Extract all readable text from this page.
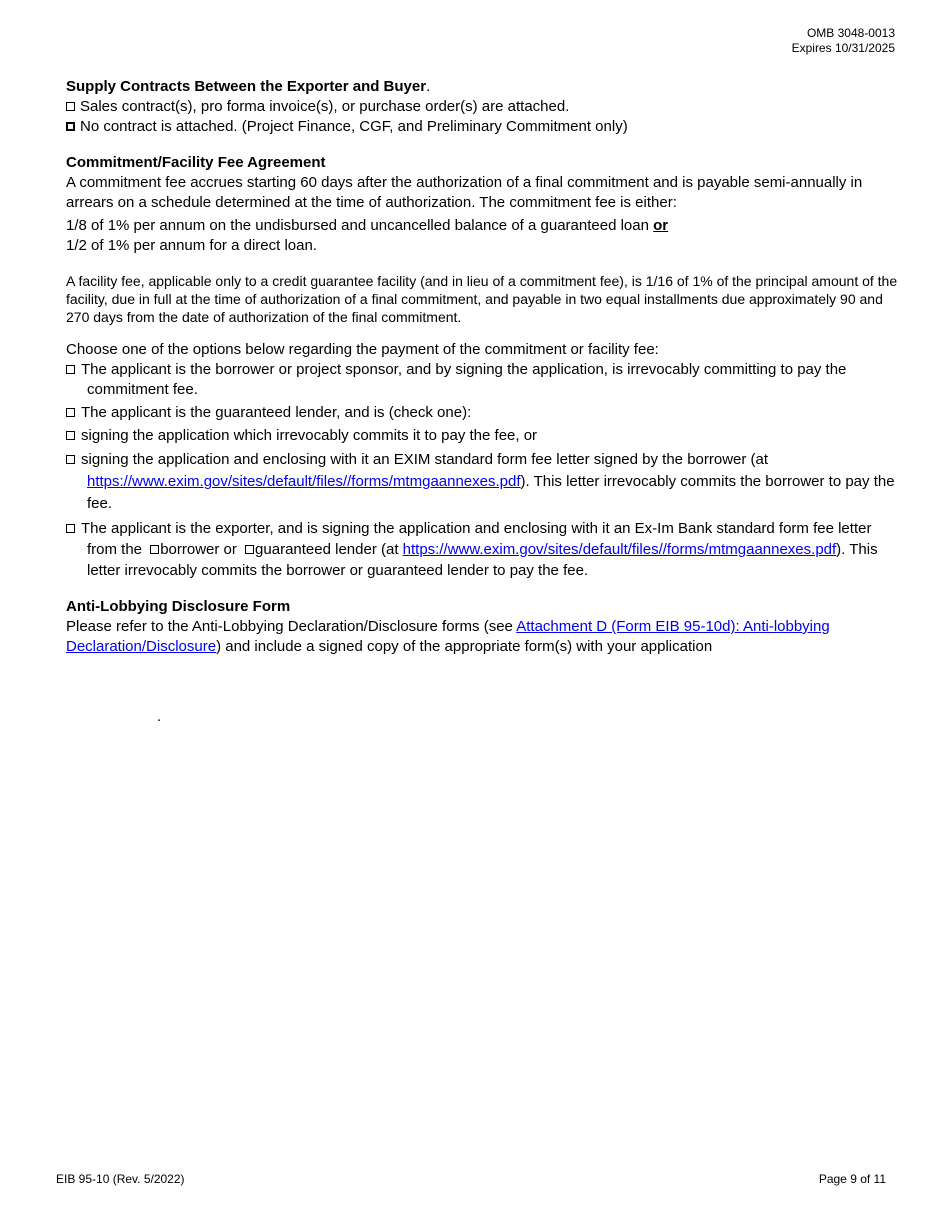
OMB 3048-0013
Expires 10/31/2025

Supply Contracts Between the Exporter and Buyer.

Sales contract(s), pro forma invoice(s), or purchase order(s) are attached.

No contract is attached. (Project Finance, CGF, and Preliminary Commitment only)

Commitment/Facility Fee Agreement

A commitment fee accrues starting 60 days after the authorization of a final commitment and is payable semi-annually in arrears on a schedule determined at the time of authorization. The commitment fee is either:

1/8 of 1% per annum on the undisbursed and uncancelled balance of a guaranteed loan or

1/2 of 1% per annum for a direct loan.

A facility fee, applicable only to a credit guarantee facility (and in lieu of a commitment fee), is 1/16 of 1% of the principal amount of the facility, due in full at the time of authorization of a final commitment, and payable in two equal installments due approximately 90 and 270 days from the date of authorization of the final commitment.

Choose one of the options below regarding the payment of the commitment or facility fee:

The applicant is the borrower or project sponsor, and by signing the application, is irrevocably committing to pay the commitment fee.

The applicant is the guaranteed lender, and is (check one):

signing the application which irrevocably commits it to pay the fee, or

signing the application and enclosing with it an EXIM standard form fee letter signed by the borrower (at https://www.exim.gov/sites/default/files//forms/mtmgaannexes.pdf). This letter irrevocably commits the borrower to pay the fee.

The applicant is the exporter, and is signing the application and enclosing with it an Ex-Im Bank standard form fee letter from the borrower or guaranteed lender (at https://www.exim.gov/sites/default/files//forms/mtmgaannexes.pdf). This letter irrevocably commits the borrower or guaranteed lender to pay the fee.

Anti-Lobbying Disclosure Form

Please refer to the Anti-Lobbying Declaration/Disclosure forms (see Attachment D (Form EIB 95-10d): Anti-lobbying Declaration/Disclosure) and include a signed copy of the appropriate form(s) with your application

.
EIB 95-10 (Rev. 5/2022)	Page 9 of 11
